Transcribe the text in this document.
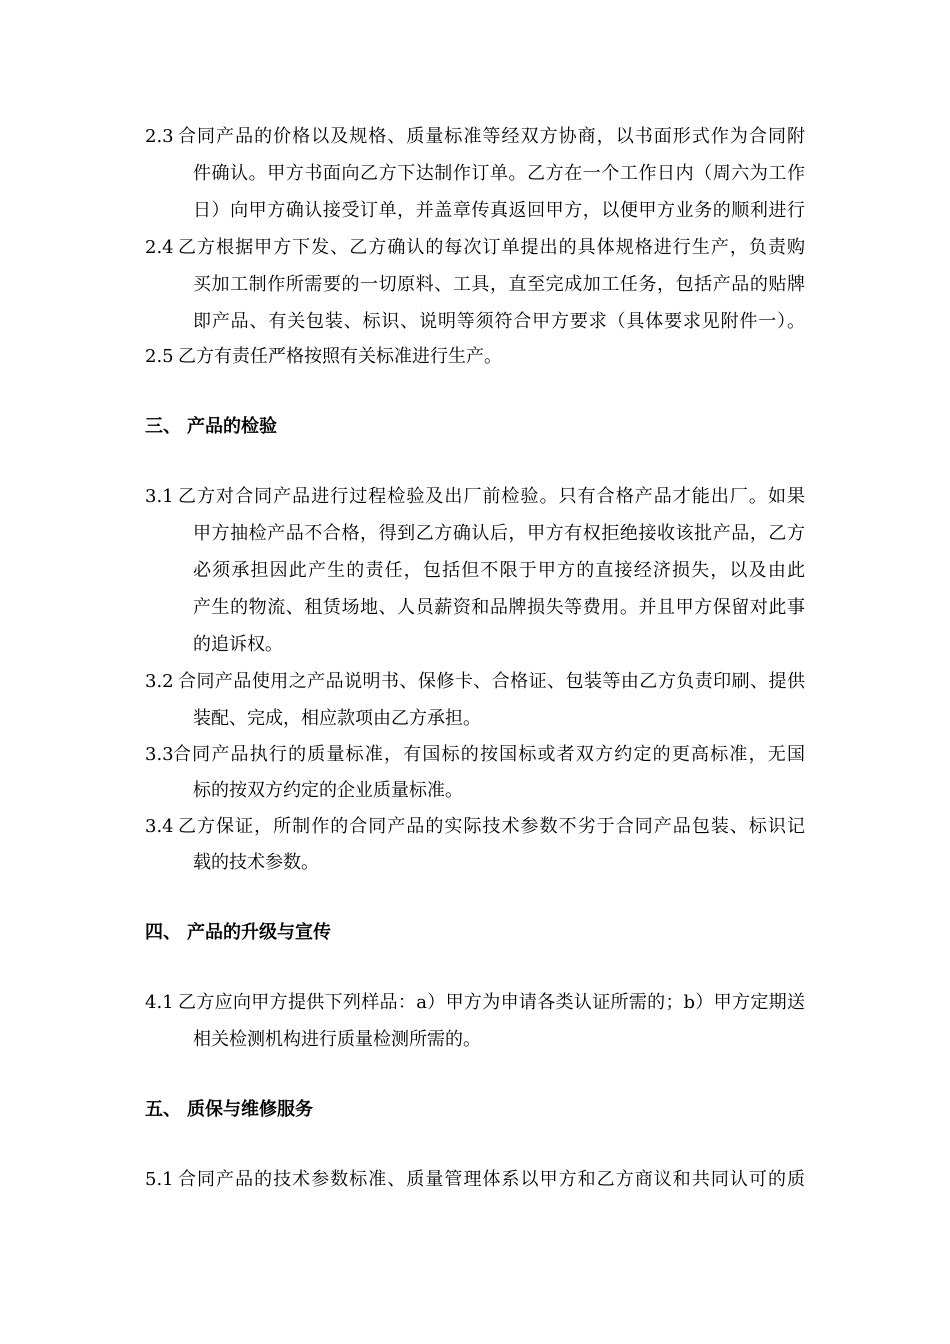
2.3 合同产品的价格以及规格、质量标准等经双方协商，以书面形式作为合同附
件确认。甲方书面向乙方下达制作订单。乙方在一个工作日内（周六为工作
日）向甲方确认接受订单，并盖章传真返回甲方，以便甲方业务的顺利进行
2.4 乙方根据甲方下发、乙方确认的每次订单提出的具体规格进行生产，负责购
买加工制作所需要的一切原料、工具，直至完成加工任务，包括产品的贴牌
即产品、有关包装、标识、说明等须符合甲方要求（具体要求见附件一）。
2.5 乙方有责任严格按照有关标准进行生产。
三、 产品的检验
3.1 乙方对合同产品进行过程检验及出厂前检验。只有合格产品才能出厂。如果
甲方抽检产品不合格，得到乙方确认后，甲方有权拒绝接收该批产品，乙方
必须承担因此产生的责任，包括但不限于甲方的直接经济损失，以及由此
产生的物流、租赁场地、人员薪资和品牌损失等费用。并且甲方保留对此事
的追诉权。
3.2 合同产品使用之产品说明书、保修卡、合格证、包装等由乙方负责印刷、提供
装配、完成，相应款项由乙方承担。
3.3 合同产品执行的质量标准，有国标的按国标或者双方约定的更高标准，无国
标的按双方约定的企业质量标准。
3.4 乙方保证，所制作的合同产品的实际技术参数不劣于合同产品包装、标识记
载的技术参数。
四、 产品的升级与宣传
4.1 乙方应向甲方提供下列样品：a）甲方为申请各类认证所需的；b）甲方定期送
相关检测机构进行质量检测所需的。
五、 质保与维修服务
5.1 合同产品的技术参数标准、质量管理体系以甲方和乙方商议和共同认可的质
